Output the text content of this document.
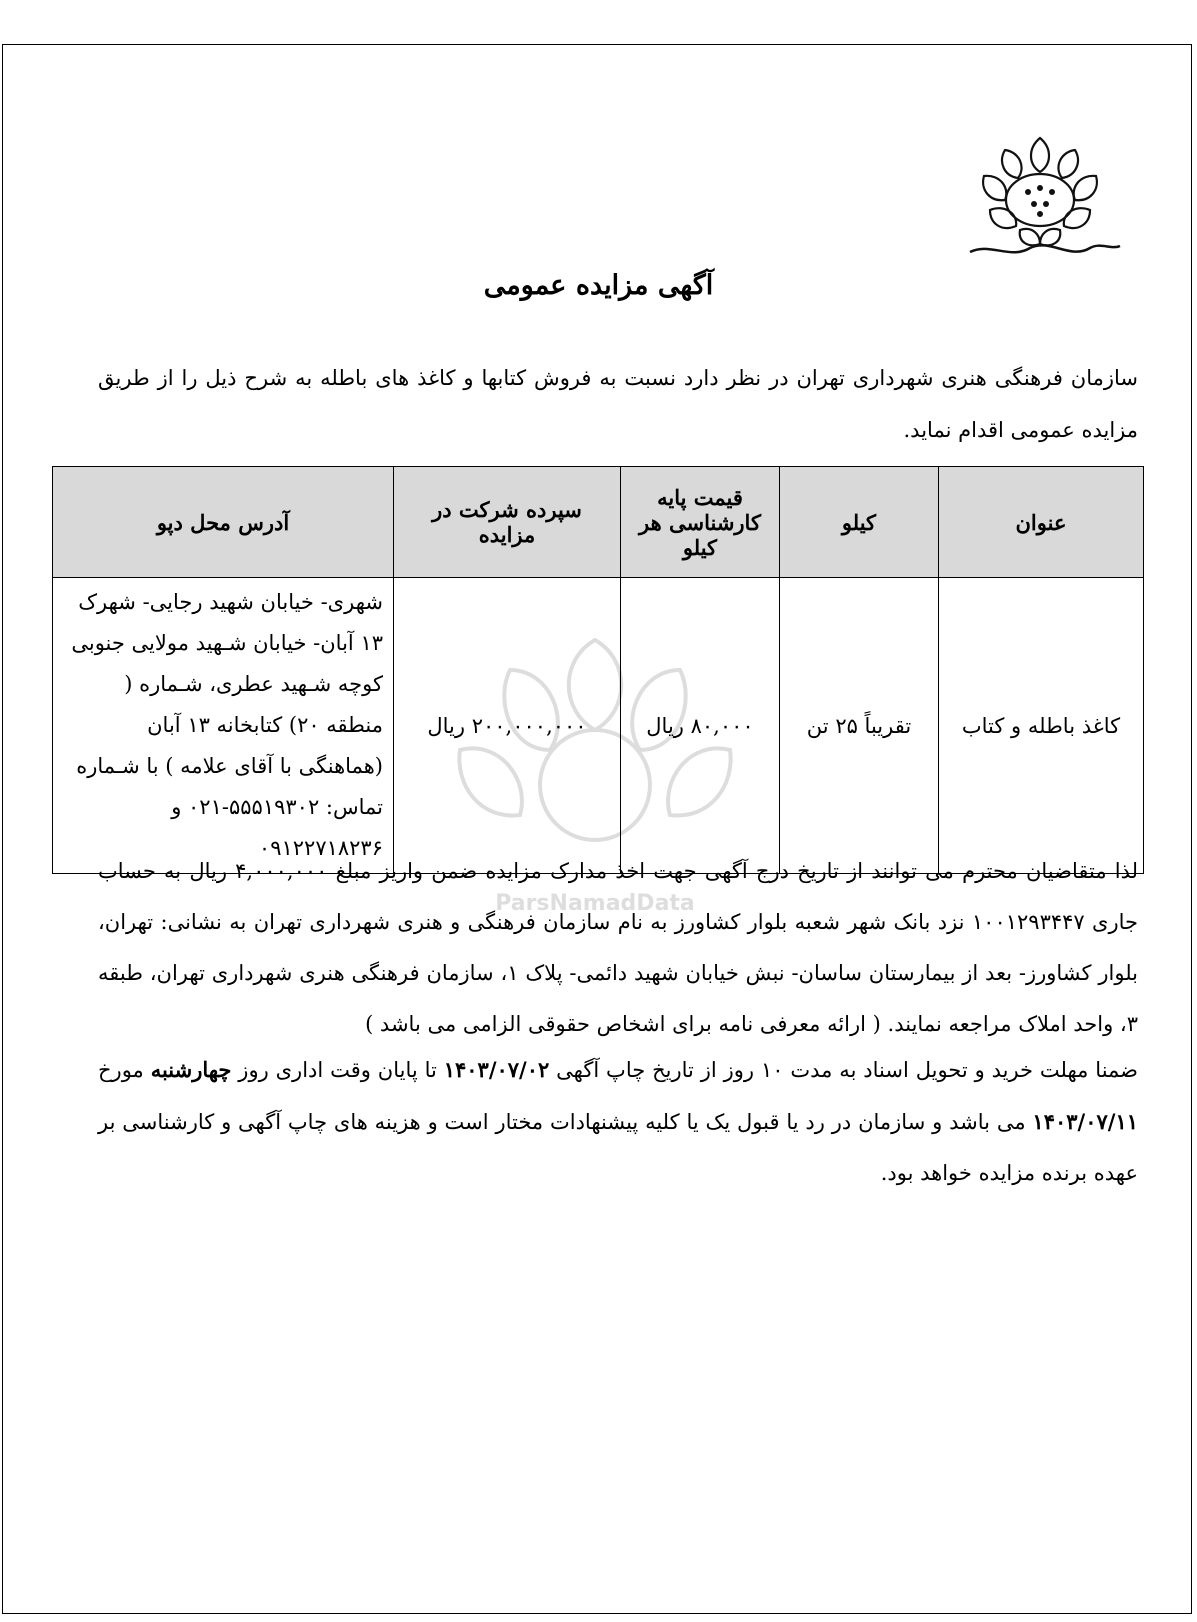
ParsNamadData
آگهی مزایده عمومی
سازمان فرهنگی هنری شهرداری تهران در نظر دارد نسبت به فروش کتابها و کاغذ های باطله به شرح ذیل را از طریق مزایده عمومی اقدام نماید.
عنوان	کیلو	قیمت پایه کارشناسی هر کیلو	سپرده شرکت در مزایده	آدرس محل دپو
کاغذ باطله و کتاب	تقریباً ۲۵ تن	۸۰,۰۰۰ ریال	۲۰۰,۰۰۰,۰۰۰ ریال	شهری- خیابان شهید رجایی- شهرک ۱۳ آبان- خیابان شـهید مولایی جنوبی کوچه شـهید عطری، شـماره ( منطقه ۲۰) کتابخانه ۱۳ آبان (هماهنگی با آقای علامه ) با شـماره تماس: ۵۵۵۱۹۳۰۲-۰۲۱ و ۰۹۱۲۲۷۱۸۲۳۶
لذا متقاضیان محترم می توانند از تاریخ درج آگهی جهت اخذ مدارک مزایده ضمن واریز مبلغ ۴,۰۰۰,۰۰۰ ریال به حساب جاری ۱۰۰۱۲۹۳۴۴۷ نزد بانک شهر شعبه بلوار کشاورز به نام سازمان فرهنگی و هنری شهرداری تهران به نشانی: تهران، بلوار کشاورز- بعد از بیمارستان ساسان- نبش خیابان شهید دائمی- پلاک ۱، سازمان فرهنگی هنری شهرداری تهران، طبقه ۳، واحد املاک مراجعه نمایند. ( ارائه معرفی نامه برای اشخاص حقوقی الزامی می باشد )
ضمنا مهلت خرید و تحویل اسناد به مدت ۱۰ روز از تاریخ چاپ آگهی ۱۴۰۳/۰۷/۰۲ تا پایان وقت اداری روز چهارشنبه مورخ ۱۴۰۳/۰۷/۱۱ می باشد و سازمان در رد یا قبول یک یا کلیه پیشنهادات مختار است و هزینه های چاپ آگهی و کارشناسی بر عهده برنده مزایده خواهد بود.
